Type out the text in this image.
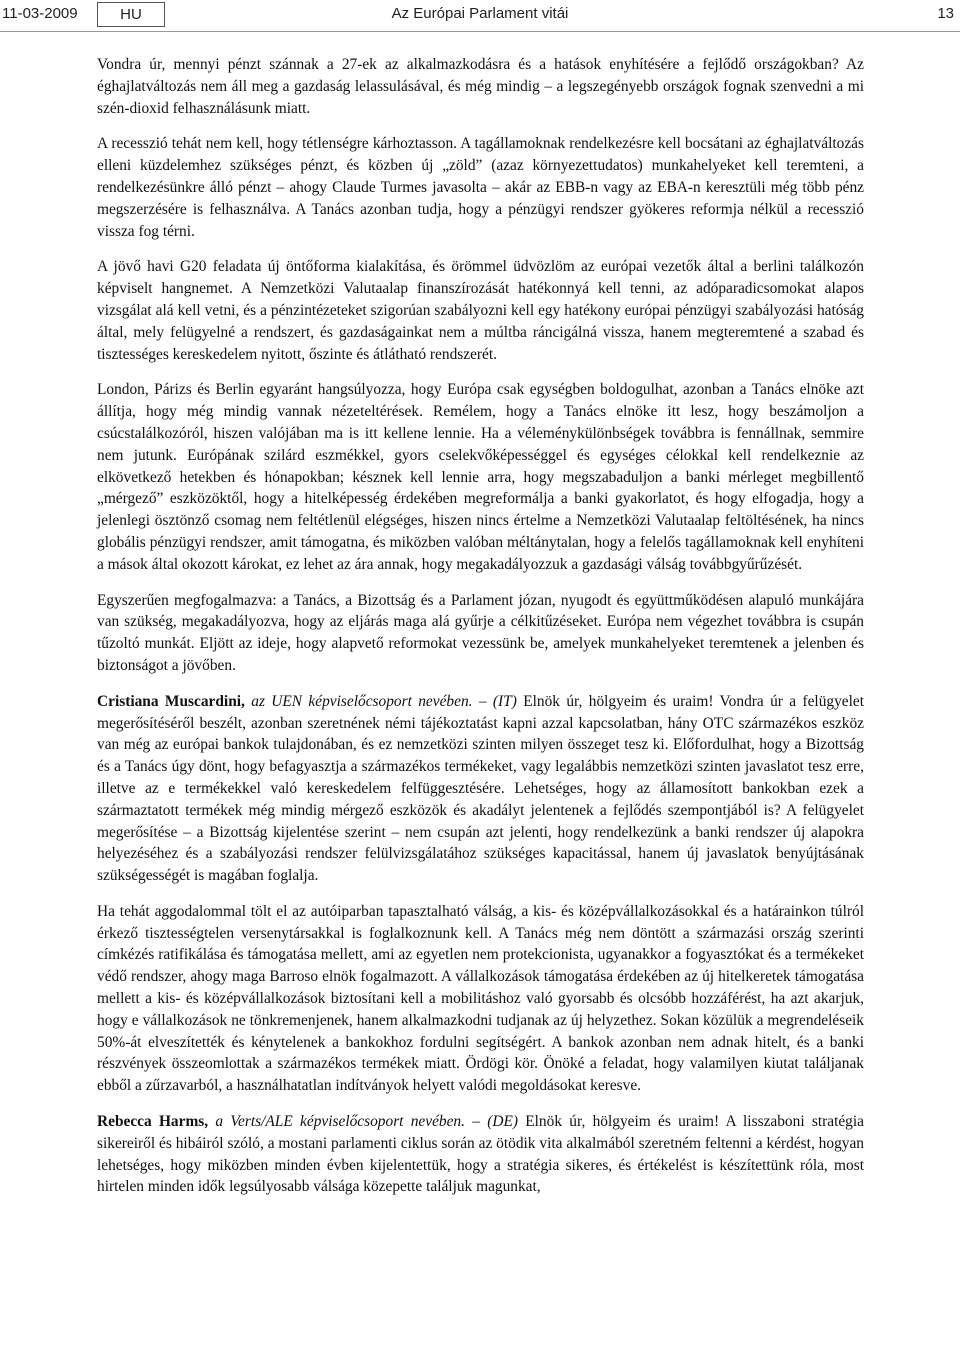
11-03-2009	HU	Az Európai Parlament vitái	13

Vondra úr, mennyi pénzt szánnak a 27-ek az alkalmazkodásra és a hatások enyhítésére a fejlődő országokban? Az éghajlatváltozás nem áll meg a gazdaság lelassulásával, és még mindig – a legszegényebb országok fognak szenvedni a mi szén-dioxid felhasználásunk miatt.

A recesszió tehát nem kell, hogy tétlenségre kárhoztasson. A tagállamoknak rendelkezésre kell bocsátani az éghajlatváltozás elleni küzdelemhez szükséges pénzt, és közben új „zöld” (azaz környezettudatos) munkahelyeket kell teremteni, a rendelkezésünkre álló pénzt – ahogy Claude Turmes javasolta – akár az EBB-n vagy az EBA-n keresztüli még több pénz megszerzésére is felhasználva. A Tanács azonban tudja, hogy a pénzügyi rendszer gyökeres reformja nélkül a recesszió vissza fog térni.

A jövő havi G20 feladata új öntőforma kialakítása, és örömmel üdvözlöm az európai vezetők által a berlini találkozón képviselt hangnemet. A Nemzetközi Valutaalap finanszírozását hatékonnyá kell tenni, az adóparadicsomokat alapos vizsgálat alá kell vetni, és a pénzintézeteket szigorúan szabályozni kell egy hatékony európai pénzügyi szabályozási hatóság által, mely felügyelné a rendszert, és gazdaságainkat nem a múltba ráncigálná vissza, hanem megteremtené a szabad és tisztességes kereskedelem nyitott, őszinte és átlátható rendszerét.

London, Párizs és Berlin egyaránt hangsúlyozza, hogy Európa csak egységben boldogulhat, azonban a Tanács elnöke azt állítja, hogy még mindig vannak nézeteltérések. Remélem, hogy a Tanács elnöke itt lesz, hogy beszámoljon a csúcstalálkozóról, hiszen valójában ma is itt kellene lennie. Ha a véleménykülönbségek továbbra is fennállnak, semmire nem jutunk. Európának szilárd eszmékkel, gyors cselekvőképességgel és egységes célokkal kell rendelkeznie az elkövetkező hetekben és hónapokban; késznek kell lennie arra, hogy megszabaduljon a banki mérleget megbillentő „mérgező” eszközöktől, hogy a hitelképesség érdekében megreformálja a banki gyakorlatot, és hogy elfogadja, hogy a jelenlegi ösztönző csomag nem feltétlenül elégséges, hiszen nincs értelme a Nemzetközi Valutaalap feltöltésének, ha nincs globális pénzügyi rendszer, amit támogatna, és miközben valóban méltánytalan, hogy a felelős tagállamoknak kell enyhíteni a mások által okozott károkat, ez lehet az ára annak, hogy megakadályozzuk a gazdasági válság továbbgyűrűzését.

Egyszerűen megfogalmazva: a Tanács, a Bizottság és a Parlament józan, nyugodt és együttműködésen alapuló munkájára van szükség, megakadályozva, hogy az eljárás maga alá gyűrje a célkitűzéseket. Európa nem végezhet továbbra is csupán tűzoltó munkát. Eljött az ideje, hogy alapvető reformokat vezessünk be, amelyek munkahelyeket teremtenek a jelenben és biztonságot a jövőben.

Cristiana Muscardini, az UEN képviselőcsoport nevében. – (IT) Elnök úr, hölgyeim és uraim! Vondra úr a felügyelet megerősítéséről beszélt, azonban szeretnének némi tájékoztatást kapni azzal kapcsolatban, hány OTC származékos eszköz van még az európai bankok tulajdonában, és ez nemzetközi szinten milyen összeget tesz ki. Előfordulhat, hogy a Bizottság és a Tanács úgy dönt, hogy befagyasztja a származékos termékeket, vagy legalábbis nemzetközi szinten javaslatot tesz erre, illetve az e termékekkel való kereskedelem felfüggesztésére. Lehetséges, hogy az államosított bankokban ezek a származtatott termékek még mindig mérgező eszközök és akadályt jelentenek a fejlődés szempontjából is? A felügyelet megerősítése – a Bizottság kijelentése szerint – nem csupán azt jelenti, hogy rendelkezünk a banki rendszer új alapokra helyezéséhez és a szabályozási rendszer felülvizsgálatához szükséges kapacitással, hanem új javaslatok benyújtásának szükségességét is magában foglalja.

Ha tehát aggodalommal tölt el az autóiparban tapasztalható válság, a kis- és középvállalkozásokkal és a határainkon túlról érkező tisztességtelen versenytársakkal is foglalkoznunk kell. A Tanács még nem döntött a származási ország szerinti címkézés ratifikálása és támogatása mellett, ami az egyetlen nem protekcionista, ugyanakkor a fogyasztókat és a termékeket védő rendszer, ahogy maga Barroso elnök fogalmazott. A vállalkozások támogatása érdekében az új hitelkeretek támogatása mellett a kis- és középvállalkozások biztosítani kell a mobilitáshoz való gyorsabb és olcsóbb hozzáférést, ha azt akarjuk, hogy e vállalkozások ne tönkremenjenek, hanem alkalmazkodni tudjanak az új helyzethez. Sokan közülük a megrendeléseik 50%-át elveszítették és kénytelenek a bankokhoz fordulni segítségért. A bankok azonban nem adnak hitelt, és a banki részvények összeomlottak a származékos termékek miatt. Ördögi kör. Önöké a feladat, hogy valamilyen kiutat találjanak ebből a zűrzavarból, a használhatatlan indítványok helyett valódi megoldásokat keresve.

Rebecca Harms, a Verts/ALE képviselőcsoport nevében. – (DE) Elnök úr, hölgyeim és uraim! A lisszaboni stratégia sikereiről és hibáiról szóló, a mostani parlamenti ciklus során az ötödik vita alkalmából szeretném feltenni a kérdést, hogyan lehetséges, hogy miközben minden évben kijelentettük, hogy a stratégia sikeres, és értékelést is készítettünk róla, most hirtelen minden idők legsúlyosabb válsága közepette találjuk magunkat,
